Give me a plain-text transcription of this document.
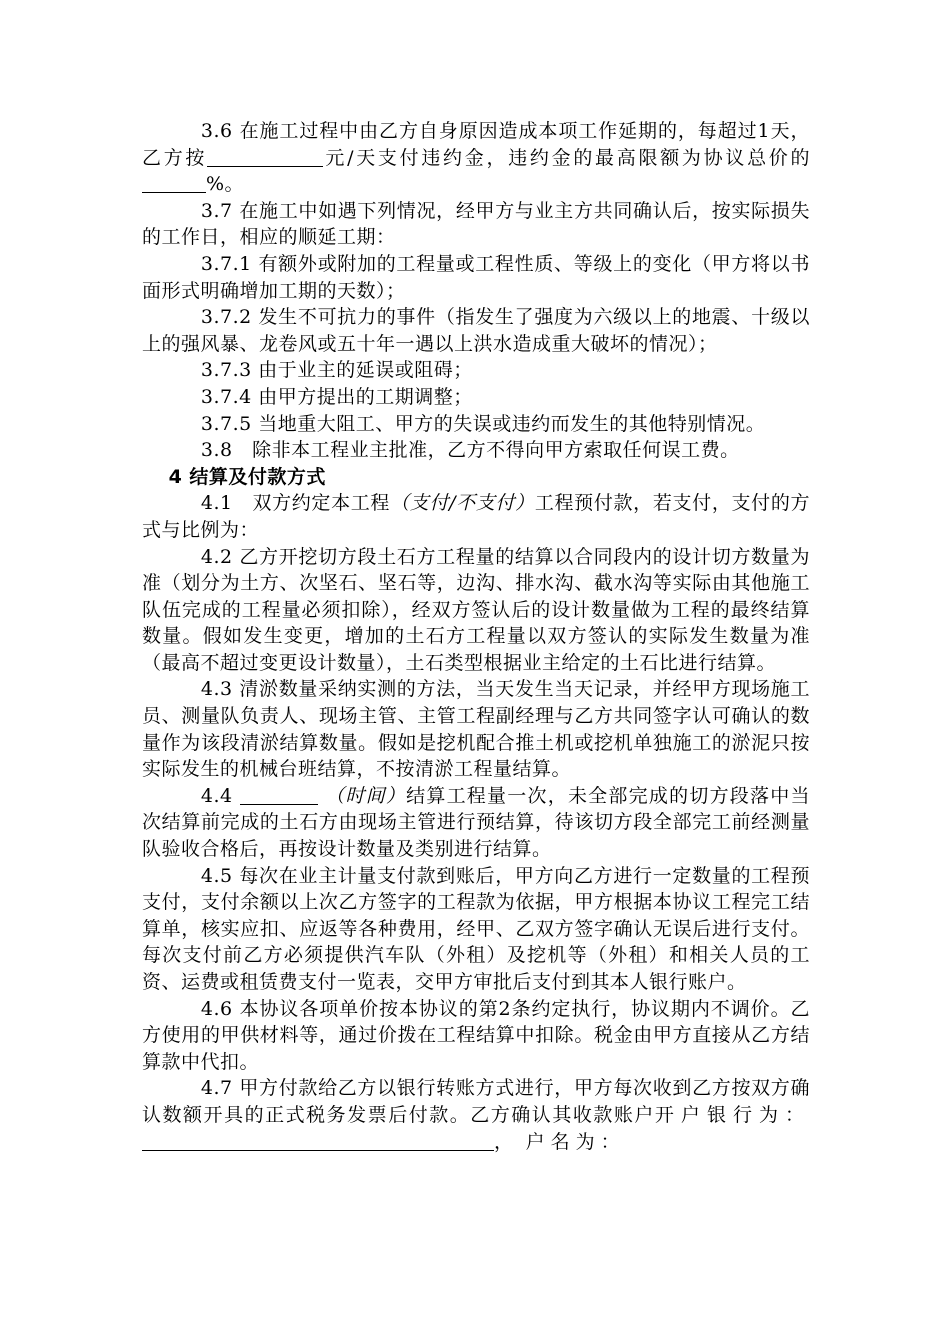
3.6 在施工过程中由乙方自身原因造成本项工作延期的，每超过1天，乙方按	元/天支付违约金，违约金的最高限额为协议总价的%。

3.7 在施工中如遇下列情况，经甲方与业主方共同确认后，按实际损失的工作日，相应的顺延工期：

3.7.1 有额外或附加的工程量或工程性质、等级上的变化（甲方将以书面形式明确增加工期的天数）；

3.7.2 发生不可抗力的事件（指发生了强度为六级以上的地震、十级以上的强风暴、龙卷风或五十年一遇以上洪水造成重大破坏的情况）；

3.7.3 由于业主的延误或阻碍；

3.7.4 由甲方提出的工期调整；

3.7.5 当地重大阻工、甲方的失误或违约而发生的其他特别情况。

3.8　除非本工程业主批准，乙方不得向甲方索取任何误工费。

4 结算及付款方式

4.1　双方约定本工程（支付/不支付）工程预付款，若支付，支付的方式与比例为：

4.2 乙方开挖切方段土石方工程量的结算以合同段内的设计切方数量为准（划分为土方、次坚石、坚石等，边沟、排水沟、截水沟等实际由其他施工队伍完成的工程量必须扣除），经双方签认后的设计数量做为工程的最终结算数量。假如发生变更，增加的土石方工程量以双方签认的实际发生数量为准（最高不超过变更设计数量），土石类型根据业主给定的土石比进行结算。

4.3 清淤数量采纳实测的方法，当天发生当天记录，并经甲方现场施工员、测量队负责人、现场主管、主管工程副经理与乙方共同签字认可确认的数量作为该段清淤结算数量。假如是挖机配合推土机或挖机单独施工的淤泥只按实际发生的机械台班结算，不按清淤工程量结算。

4.4	（时间）结算工程量一次，未全部完成的切方段落中当次结算前完成的土石方由现场主管进行预结算，待该切方段全部完工前经测量队验收合格后，再按设计数量及类别进行结算。

4.5 每次在业主计量支付款到账后，甲方向乙方进行一定数量的工程预支付，支付余额以上次乙方签字的工程款为依据，甲方根据本协议工程完工结算单，核实应扣、应返等各种费用，经甲、乙双方签字确认无误后进行支付。每次支付前乙方必须提供汽车队（外租）及挖机等（外租）和相关人员的工资、运费或租赁费支付一览表，交甲方审批后支付到其本人银行账户。

4.6 本协议各项单价按本协议的第2条约定执行，协议期内不调价。乙方使用的甲供材料等，通过价拨在工程结算中扣除。税金由甲方直接从乙方结算款中代扣。

4.7 甲方付款给乙方以银行转账方式进行，甲方每次收到乙方按双方确认数额开具的正式税务发票后付款。乙方确认其收款账户开户银行为： ， 户名为：
